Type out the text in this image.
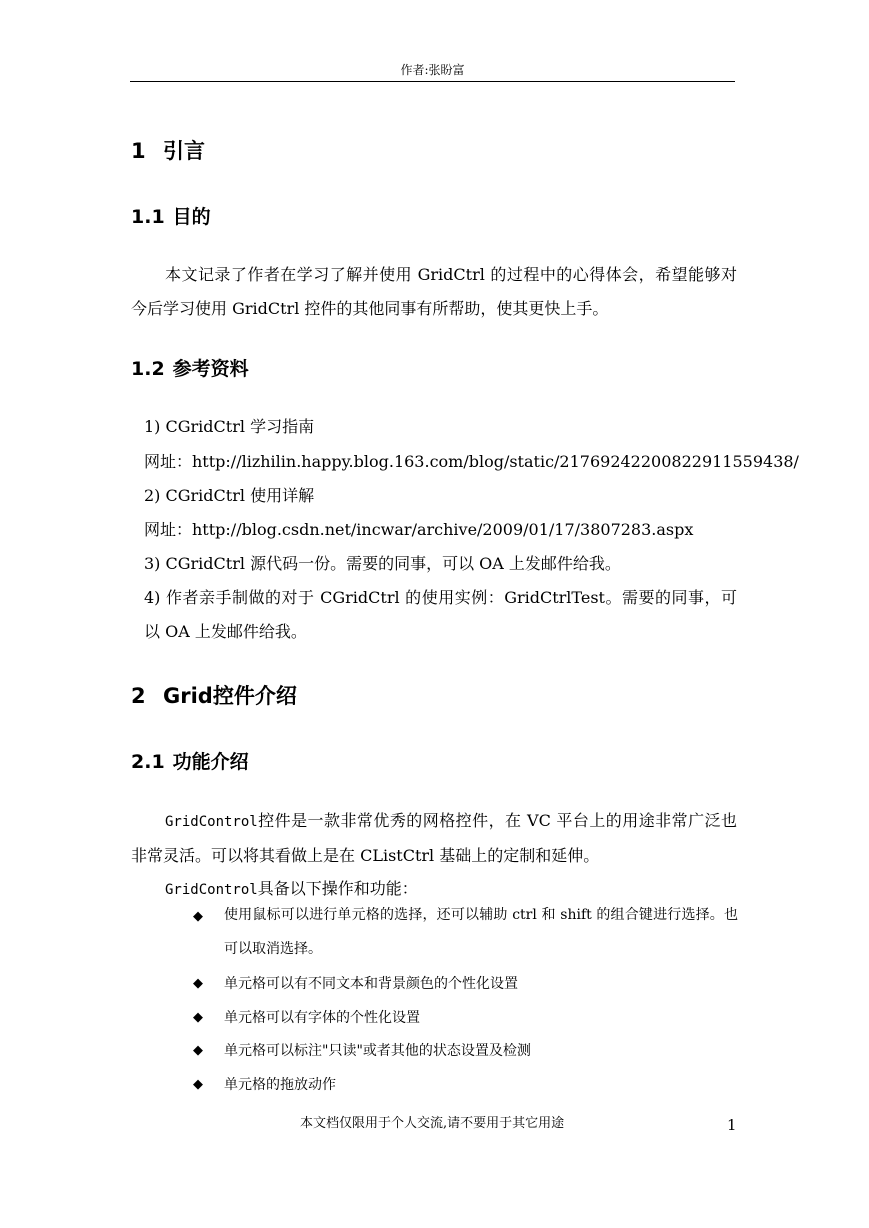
作者:张盼富
1 引言
1.1 目的
本文记录了作者在学习了解并使用 GridCtrl 的过程中的心得体会，希望能够对今后学习使用 GridCtrl 控件的其他同事有所帮助，使其更快上手。
1.2 参考资料
1) CGridCtrl 学习指南
网址：http://lizhilin.happy.blog.163.com/blog/static/2176924220082291155943​8/
2) CGridCtrl 使用详解
网址：http://blog.csdn.net/incwar/archive/2009/01/17/3807283.aspx
3) CGridCtrl 源代码一份。需要的同事，可以 OA 上发邮件给我。
4) 作者亲手制做的对于 CGridCtrl 的使用实例：GridCtrlTest。需要的同事，可以 OA 上发邮件给我。
2 Grid控件介绍
2.1 功能介绍
GridControl控件是一款非常优秀的网格控件，在 VC 平台上的用途非常广泛也非常灵活。可以将其看做上是在 CListCtrl 基础上的定制和延伸。
GridControl具备以下操作和功能：
◆ 使用鼠标可以进行单元格的选择，还可以辅助 ctrl 和 shift 的组合键进行选择。也可以取消选择。
◆ 单元格可以有不同文本和背景颜色的个性化设置
◆ 单元格可以有字体的个性化设置
◆ 单元格可以标注"只读"或者其他的状态设置及检测
◆ 单元格的拖放动作
本文档仅限用于个人交流,请不要用于其它用途	1
